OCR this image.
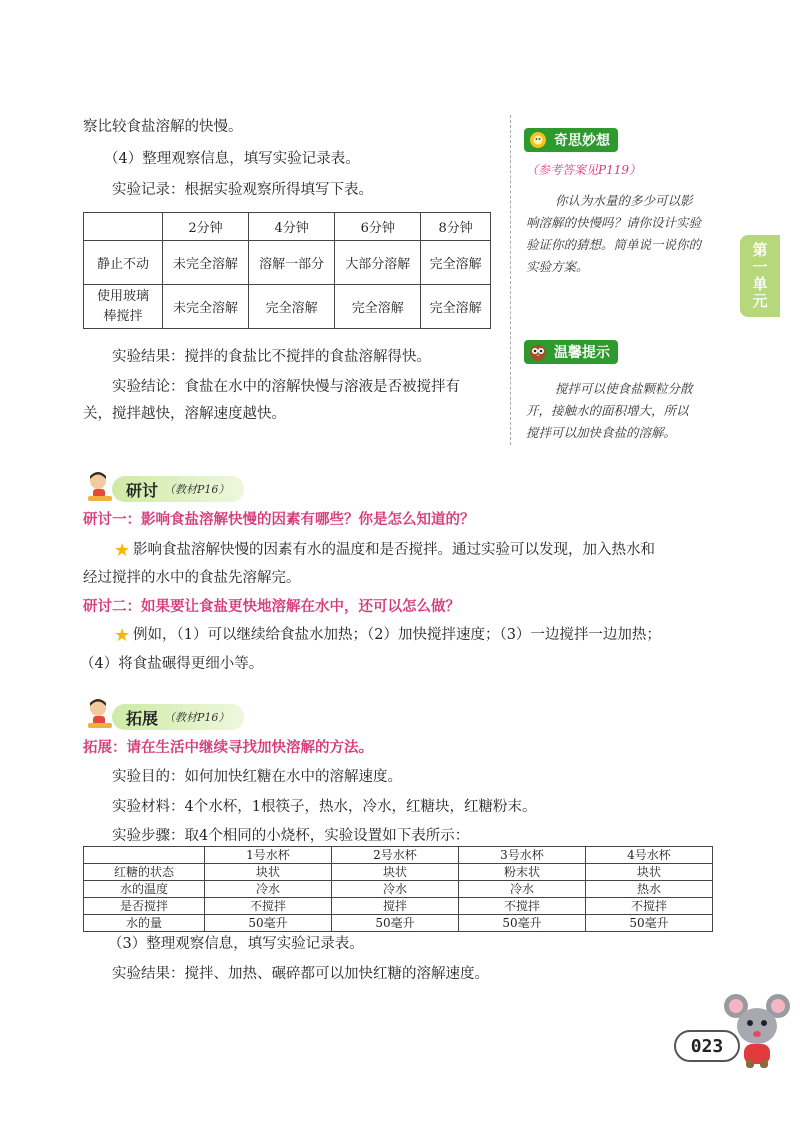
察比较食盐溶解的快慢。
（4）整理观察信息，填写实验记录表。
实验记录：根据实验观察所得填写下表。
	2分钟	4分钟	6分钟	8分钟
静止不动	未完全溶解	溶解一部分	大部分溶解	完全溶解
使用玻璃棒搅拌	未完全溶解	完全溶解	完全溶解	完全溶解
实验结果：搅拌的食盐比不搅拌的食盐溶解得快。
实验结论：食盐在水中的溶解快慢与溶液是否被搅拌有
关，搅拌越快，溶解速度越快。
奇思妙想
（参考答案见P119）
你认为水量的多少可以影
响溶解的快慢吗？请你设计实验
验证你的猜想。简单说一说你的
实验方案。
温馨提示
搅拌可以使食盐颗粒分散
开，接触水的面积增大，所以
搅拌可以加快食盐的溶解。
第一单元
研讨 （教材P16）
研讨一：影响食盐溶解快慢的因素有哪些？你是怎么知道的？
★ 影响食盐溶解快慢的因素有水的温度和是否搅拌。通过实验可以发现，加入热水和
经过搅拌的水中的食盐先溶解完。
研讨二：如果要让食盐更快地溶解在水中，还可以怎么做？
★ 例如，（1）可以继续给食盐水加热；（2）加快搅拌速度；（3）一边搅拌一边加热；
（4）将食盐碾得更细小等。
拓展 （教材P16）
拓展：请在生活中继续寻找加快溶解的方法。
实验目的：如何加快红糖在水中的溶解速度。
实验材料：4个水杯，1根筷子，热水，冷水，红糖块，红糖粉末。
实验步骤：取4个相同的小烧杯，实验设置如下表所示：
	1号水杯	2号水杯	3号水杯	4号水杯
红糖的状态	块状	块状	粉末状	块状
水的温度	冷水	冷水	冷水	热水
是否搅拌	不搅拌	搅拌	不搅拌	不搅拌
水的量	50毫升	50毫升	50毫升	50毫升
（3）整理观察信息，填写实验记录表。
实验结果：搅拌、加热、碾碎都可以加快红糖的溶解速度。
023
